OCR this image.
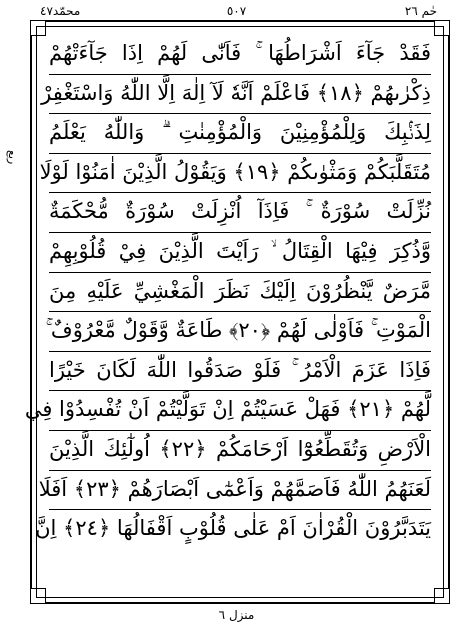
محمّد٤٧	٥٠٧	حٰم ٢٦
ربع
فَقَدْ جَآءَ اَشْرَاطُهَا ۚ فَاَنّٰى لَهُمْ اِذَا جَآءَتْهُمْ
ذِكْرٰىهُمْ ﴿١٨﴾ فَاعْلَمْ اَنَّهٗ لَآ اِلٰهَ اِلَّا اللّٰهُ وَاسْتَغْفِرْ
لِذَنْۢبِكَ وَلِلْمُؤْمِنِيْنَ وَالْمُؤْمِنٰتِ ۗ وَاللّٰهُ يَعْلَمُ
مُتَقَلَّبَكُمْ وَمَثْوٰىكُمْ ﴿١٩﴾ وَيَقُوْلُ الَّذِيْنَ اٰمَنُوْا لَوْلَا
نُزِّلَتْ سُوْرَةٌ ۚ فَاِذَآ اُنْزِلَتْ سُوْرَةٌ مُّحْكَمَةٌ
وَّذُكِرَ فِيْهَا الْقِتَالُ ۙ رَاَيْتَ الَّذِيْنَ فِيْ قُلُوْبِهِمْ
مَّرَضٌ يَّنْظُرُوْنَ اِلَيْكَ نَظَرَ الْمَغْشِيِّ عَلَيْهِ مِنَ
الْمَوْتِ ۚ فَاَوْلٰى لَهُمْ ﴿٢٠﴾ طَاعَةٌ وَّقَوْلٌ مَّعْرُوْفٌ ۚ
فَاِذَا عَزَمَ الْاَمْرُ ۚ فَلَوْ صَدَقُوا اللّٰهَ لَكَانَ خَيْرًا
لَّهُمْ ﴿٢١﴾ فَهَلْ عَسَيْتُمْ اِنْ تَوَلَّيْتُمْ اَنْ تُفْسِدُوْا فِي
الْاَرْضِ وَتُقَطِّعُوْٓا اَرْحَامَكُمْ ﴿٢٢﴾ اُولٰٓئِكَ الَّذِيْنَ
لَعَنَهُمُ اللّٰهُ فَاَصَمَّهُمْ وَاَعْمٰٓى اَبْصَارَهُمْ ﴿٢٣﴾ اَفَلَا
يَتَدَبَّرُوْنَ الْقُرْاٰنَ اَمْ عَلٰى قُلُوْبٍ اَقْفَالُهَا ﴿٢٤﴾ اِنَّ
منزل ٦
